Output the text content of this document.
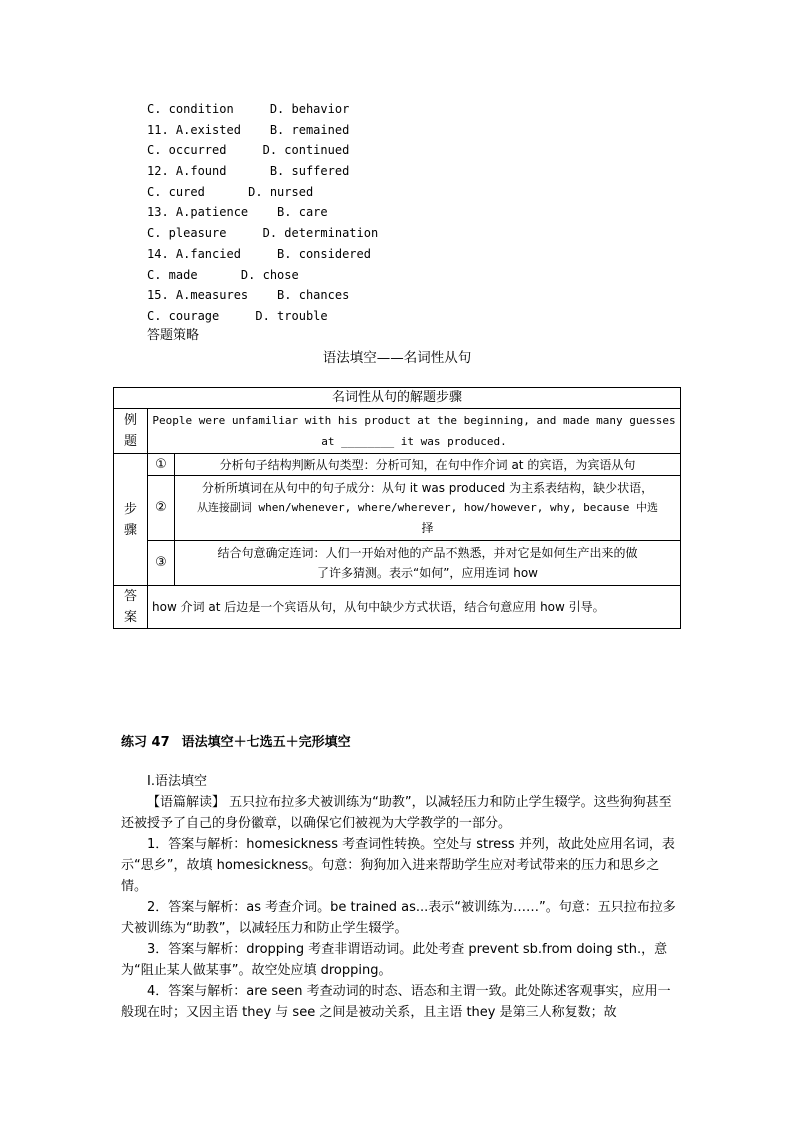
C. condition     D. behavior
11. A.existed    B. remained
C. occurred     D. continued
12. A.found      B. suffered
C. cured      D. nursed
13. A.patience    B. care
C. pleasure     D. determination
14. A.fancied     B. considered
C. made      D. chose
15. A.measures    B. chances
C. courage     D. trouble
答题策略
语法填空——名词性从句
名词性从句的解题步骤		
例题	People were unfamiliar with his product at the beginning, and made many guesses
at ________ it was produced.	

步骤	①	分析句子结构判断从句类型：分析可知，在句中作介词 at 的宾语，为宾语从句
	②	分析所填词在从句中的句子成分：从句 it was produced 为主系表结构，缺少状语，
从连接副词 when/whenever, where/wherever, how/however, why, because 中选
择

	③	结合句意确定连词：人们一开始对他的产品不熟悉，并对它是如何生产出来的做
了许多猜测。表示“如何”，应用连词 how

答案	how 介词 at 后边是一个宾语从句，从句中缺少方式状语，结合句意应用 how 引导。	
练习 47 语法填空＋七选五＋完形填空

Ⅰ.语法填空

【语篇解读】 五只拉布拉多犬被训练为“助教”，以减轻压力和防止学生辍学。这些狗狗甚至还被授予了自己的身份徽章，以确保它们被视为大学教学的一部分。

1．答案与解析：homesickness 考查词性转换。空处与 stress 并列，故此处应用名词，表示“思乡”，故填 homesickness。句意：狗狗加入进来帮助学生应对考试带来的压力和思乡之情。

2．答案与解析：as 考查介词。be trained as...表示“被训练为……”。句意：五只拉布拉多犬被训练为“助教”，以减轻压力和防止学生辍学。

3．答案与解析：dropping 考查非谓语动词。此处考查 prevent sb.from doing sth.，意为“阻止某人做某事”。故空处应填 dropping。

4．答案与解析：are seen 考查动词的时态、语态和主谓一致。此处陈述客观事实，应用一般现在时；又因主语 they 与 see 之间是被动关系，且主语 they 是第三人称复数；故
